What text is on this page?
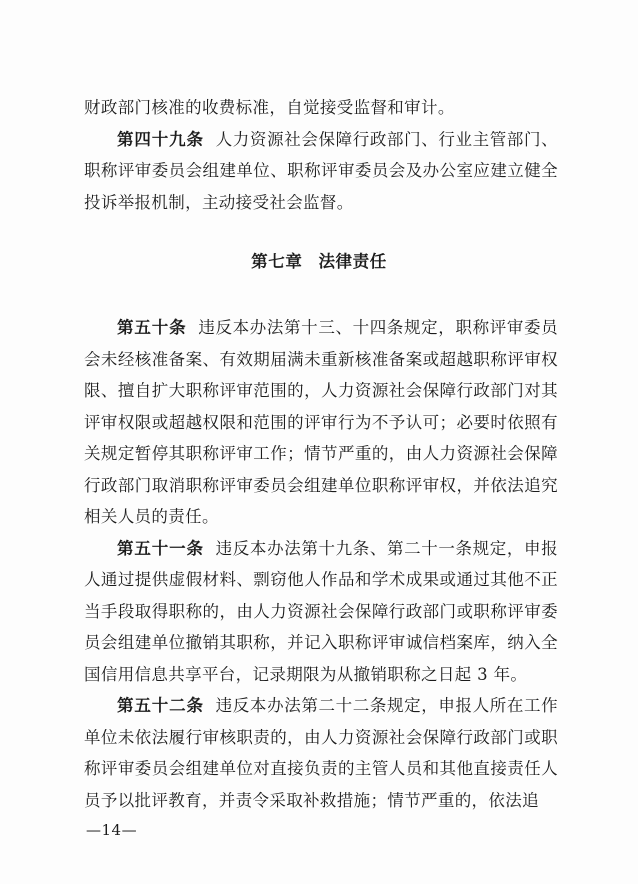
财政部门核准的收费标准，自觉接受监督和审计。

第四十九条 人力资源社会保障行政部门、行业主管部门、职称评审委员会组建单位、职称评审委员会及办公室应建立健全投诉举报机制，主动接受社会监督。

第七章 法律责任

第五十条 违反本办法第十三、十四条规定，职称评审委员会未经核准备案、有效期届满未重新核准备案或超越职称评审权限、擅自扩大职称评审范围的，人力资源社会保障行政部门对其评审权限或超越权限和范围的评审行为不予认可；必要时依照有关规定暂停其职称评审工作；情节严重的，由人力资源社会保障行政部门取消职称评审委员会组建单位职称评审权，并依法追究相关人员的责任。

第五十一条 违反本办法第十九条、第二十一条规定，申报人通过提供虚假材料、剽窃他人作品和学术成果或通过其他不正当手段取得职称的，由人力资源社会保障行政部门或职称评审委员会组建单位撤销其职称，并记入职称评审诚信档案库，纳入全国信用信息共享平台，记录期限为从撤销职称之日起 3 年。

第五十二条 违反本办法第二十二条规定，申报人所在工作单位未依法履行审核职责的，由人力资源社会保障行政部门或职称评审委员会组建单位对直接负责的主管人员和其他直接责任人员予以批评教育，并责令采取补救措施；情节严重的，依法追

—14—
